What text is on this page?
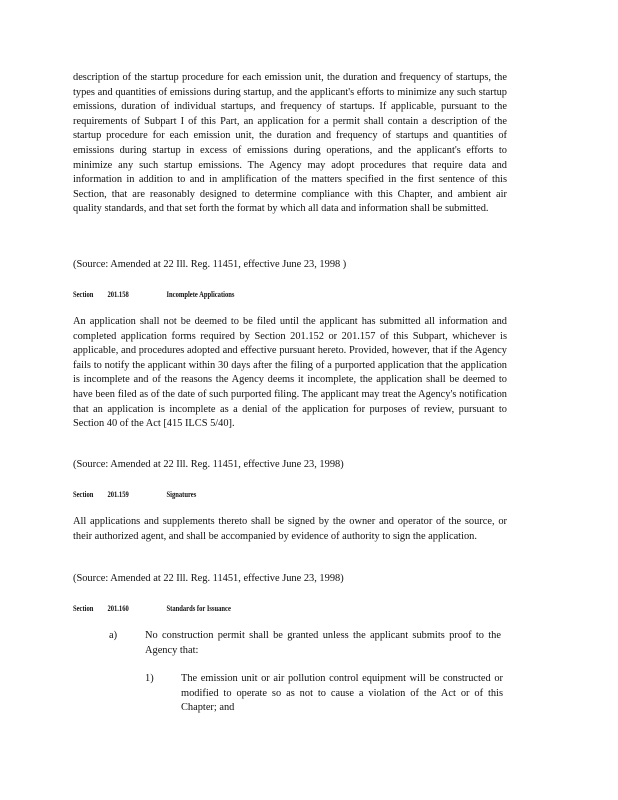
description of the startup procedure for each emission unit, the duration and frequency of startups, the types and quantities of emissions during startup, and the applicant's efforts to minimize any such startup emissions, duration of individual startups, and frequency of startups. If applicable, pursuant to the requirements of Subpart I of this Part, an application for a permit shall contain a description of the startup procedure for each emission unit, the duration and frequency of startups and quantities of emissions during startup in excess of emissions during operations, and the applicant's efforts to minimize any such startup emissions. The Agency may adopt procedures that require data and information in addition to and in amplification of the matters specified in the first sentence of this Section, that are reasonably designed to determine compliance with this Chapter, and ambient air quality standards, and that set forth the format by which all data and information shall be submitted.

(Source: Amended at 22 Ill. Reg. 11451, effective June 23, 1998 )

Section 201.158	Incomplete Applications

An application shall not be deemed to be filed until the applicant has submitted all information and completed application forms required by Section 201.152 or 201.157 of this Subpart, whichever is applicable, and procedures adopted and effective pursuant hereto. Provided, however, that if the Agency fails to notify the applicant within 30 days after the filing of a purported application that the application is incomplete and of the reasons the Agency deems it incomplete, the application shall be deemed to have been filed as of the date of such purported filing. The applicant may treat the Agency's notification that an application is incomplete as a denial of the application for purposes of review, pursuant to Section 40 of the Act [415 ILCS 5/40].

(Source: Amended at 22 Ill. Reg. 11451, effective June 23, 1998)

Section 201.159	Signatures

All applications and supplements thereto shall be signed by the owner and operator of the source, or their authorized agent, and shall be accompanied by evidence of authority to sign the application.

(Source: Amended at 22 Ill. Reg. 11451, effective June 23, 1998)

Section 201.160	Standards for Issuance
a)	No construction permit shall be granted unless the applicant submits proof to the Agency that:

1)	The emission unit or air pollution control equipment will be constructed or modified to operate so as not to cause a violation of the Act or of this Chapter; and
